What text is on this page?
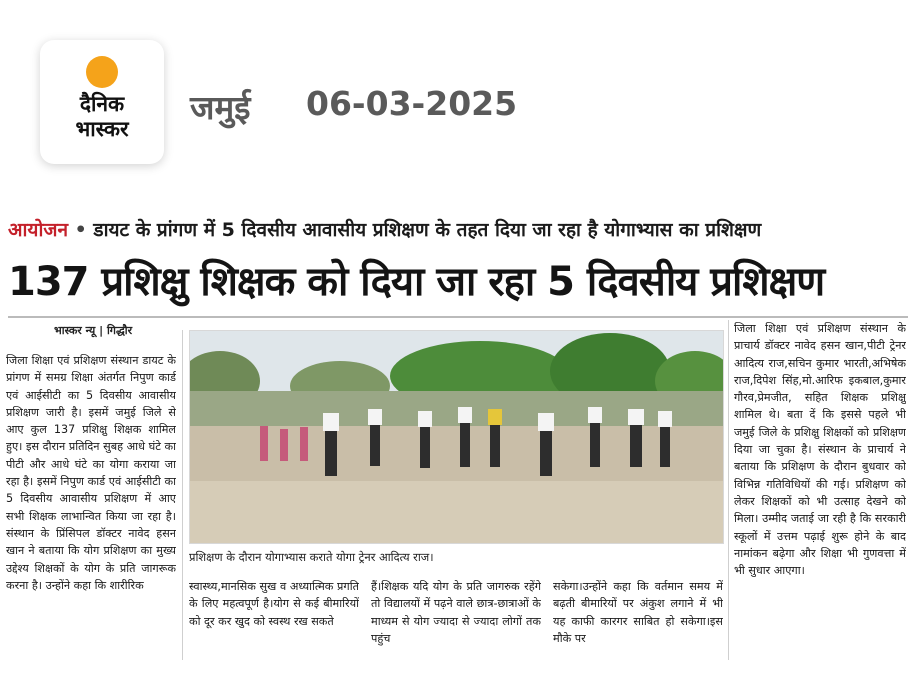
दैनिक
भास्कर
जमुई 06-03-2025
आयोजन • डायट के प्रांगण में 5 दिवसीय आवासीय प्रशिक्षण के तहत दिया जा रहा है योगाभ्यास का प्रशिक्षण
137 प्रशिक्षु शिक्षक को दिया जा रहा 5 दिवसीय प्रशिक्षण
भास्कर न्यू | गिद्धौर
जिला शिक्षा एवं प्रशिक्षण संस्थान डायट के प्रांगण में समग्र शिक्षा अंतर्गत निपुण कार्ड एवं आईसीटी का 5 दिवसीय आवासीय प्रशिक्षण जारी है। इसमें जमुई जिले से आए कुल 137 प्रशिक्षु शिक्षक शामिल हुए। इस दौरान प्रतिदिन सुबह आधे घंटे का पीटी और आधे घंटे का योगा कराया जा रहा है। इसमें निपुण कार्ड एवं आईसीटी का 5 दिवसीय आवासीय प्रशिक्षण में आए सभी शिक्षक लाभान्वित किया जा रहा है। संस्थान के प्रिंसिपल डॉक्टर नावेद हसन खान ने बताया कि योग प्रशिक्षण का मुख्य उद्देश्य शिक्षकों के योग के प्रति जागरूक करना है। उन्होंने कहा कि शारीरिक
प्रशिक्षण के दौरान योगाभ्यास कराते योगा ट्रेनर आदित्य राज।
स्वास्थ्य,मानसिक सुख व अध्यात्मिक प्रगति के लिए महत्वपूर्ण है।योग से कई बीमारियों को दूर कर खुद को स्वस्थ रख सकते
हैं।शिक्षक यदि योग के प्रति जागरुक रहेंगे तो विद्यालयों में पढ़ने वाले छात्र-छात्राओं के माध्यम से योग ज्यादा से ज्यादा लोगों तक पहुंच
सकेगा।उन्होंने कहा कि वर्तमान समय में बढ़ती बीमारियों पर अंकुश लगाने में भी यह काफी कारगर साबित हो सकेगा।इस मौके पर
जिला शिक्षा एवं प्रशिक्षण संस्थान के प्राचार्य डॉक्टर नावेद हसन खान,पीटी ट्रेनर आदित्य राज,सचिन कुमार भारती,अभिषेक राज,दिपेश सिंह,मो.आरिफ इकबाल,कुमार गौरव,प्रेमजीत, सहित शिक्षक प्रशिक्षु शामिल थे। बता दें कि इससे पहले भी जमुई जिले के प्रशिक्षु शिक्षकों को प्रशिक्षण दिया जा चुका है। संस्थान के प्राचार्य ने बताया कि प्रशिक्षण के दौरान बुधवार को विभिन्न गतिविधियों की गई। प्रशिक्षण को लेकर शिक्षकों को भी उत्साह देखने को मिला। उम्मीद जताई जा रही है कि सरकारी स्कूलों में उत्तम पढ़ाई शुरू होने के बाद नामांकन बढ़ेगा और शिक्षा भी गुणवत्ता में भी सुधार आएगा।
